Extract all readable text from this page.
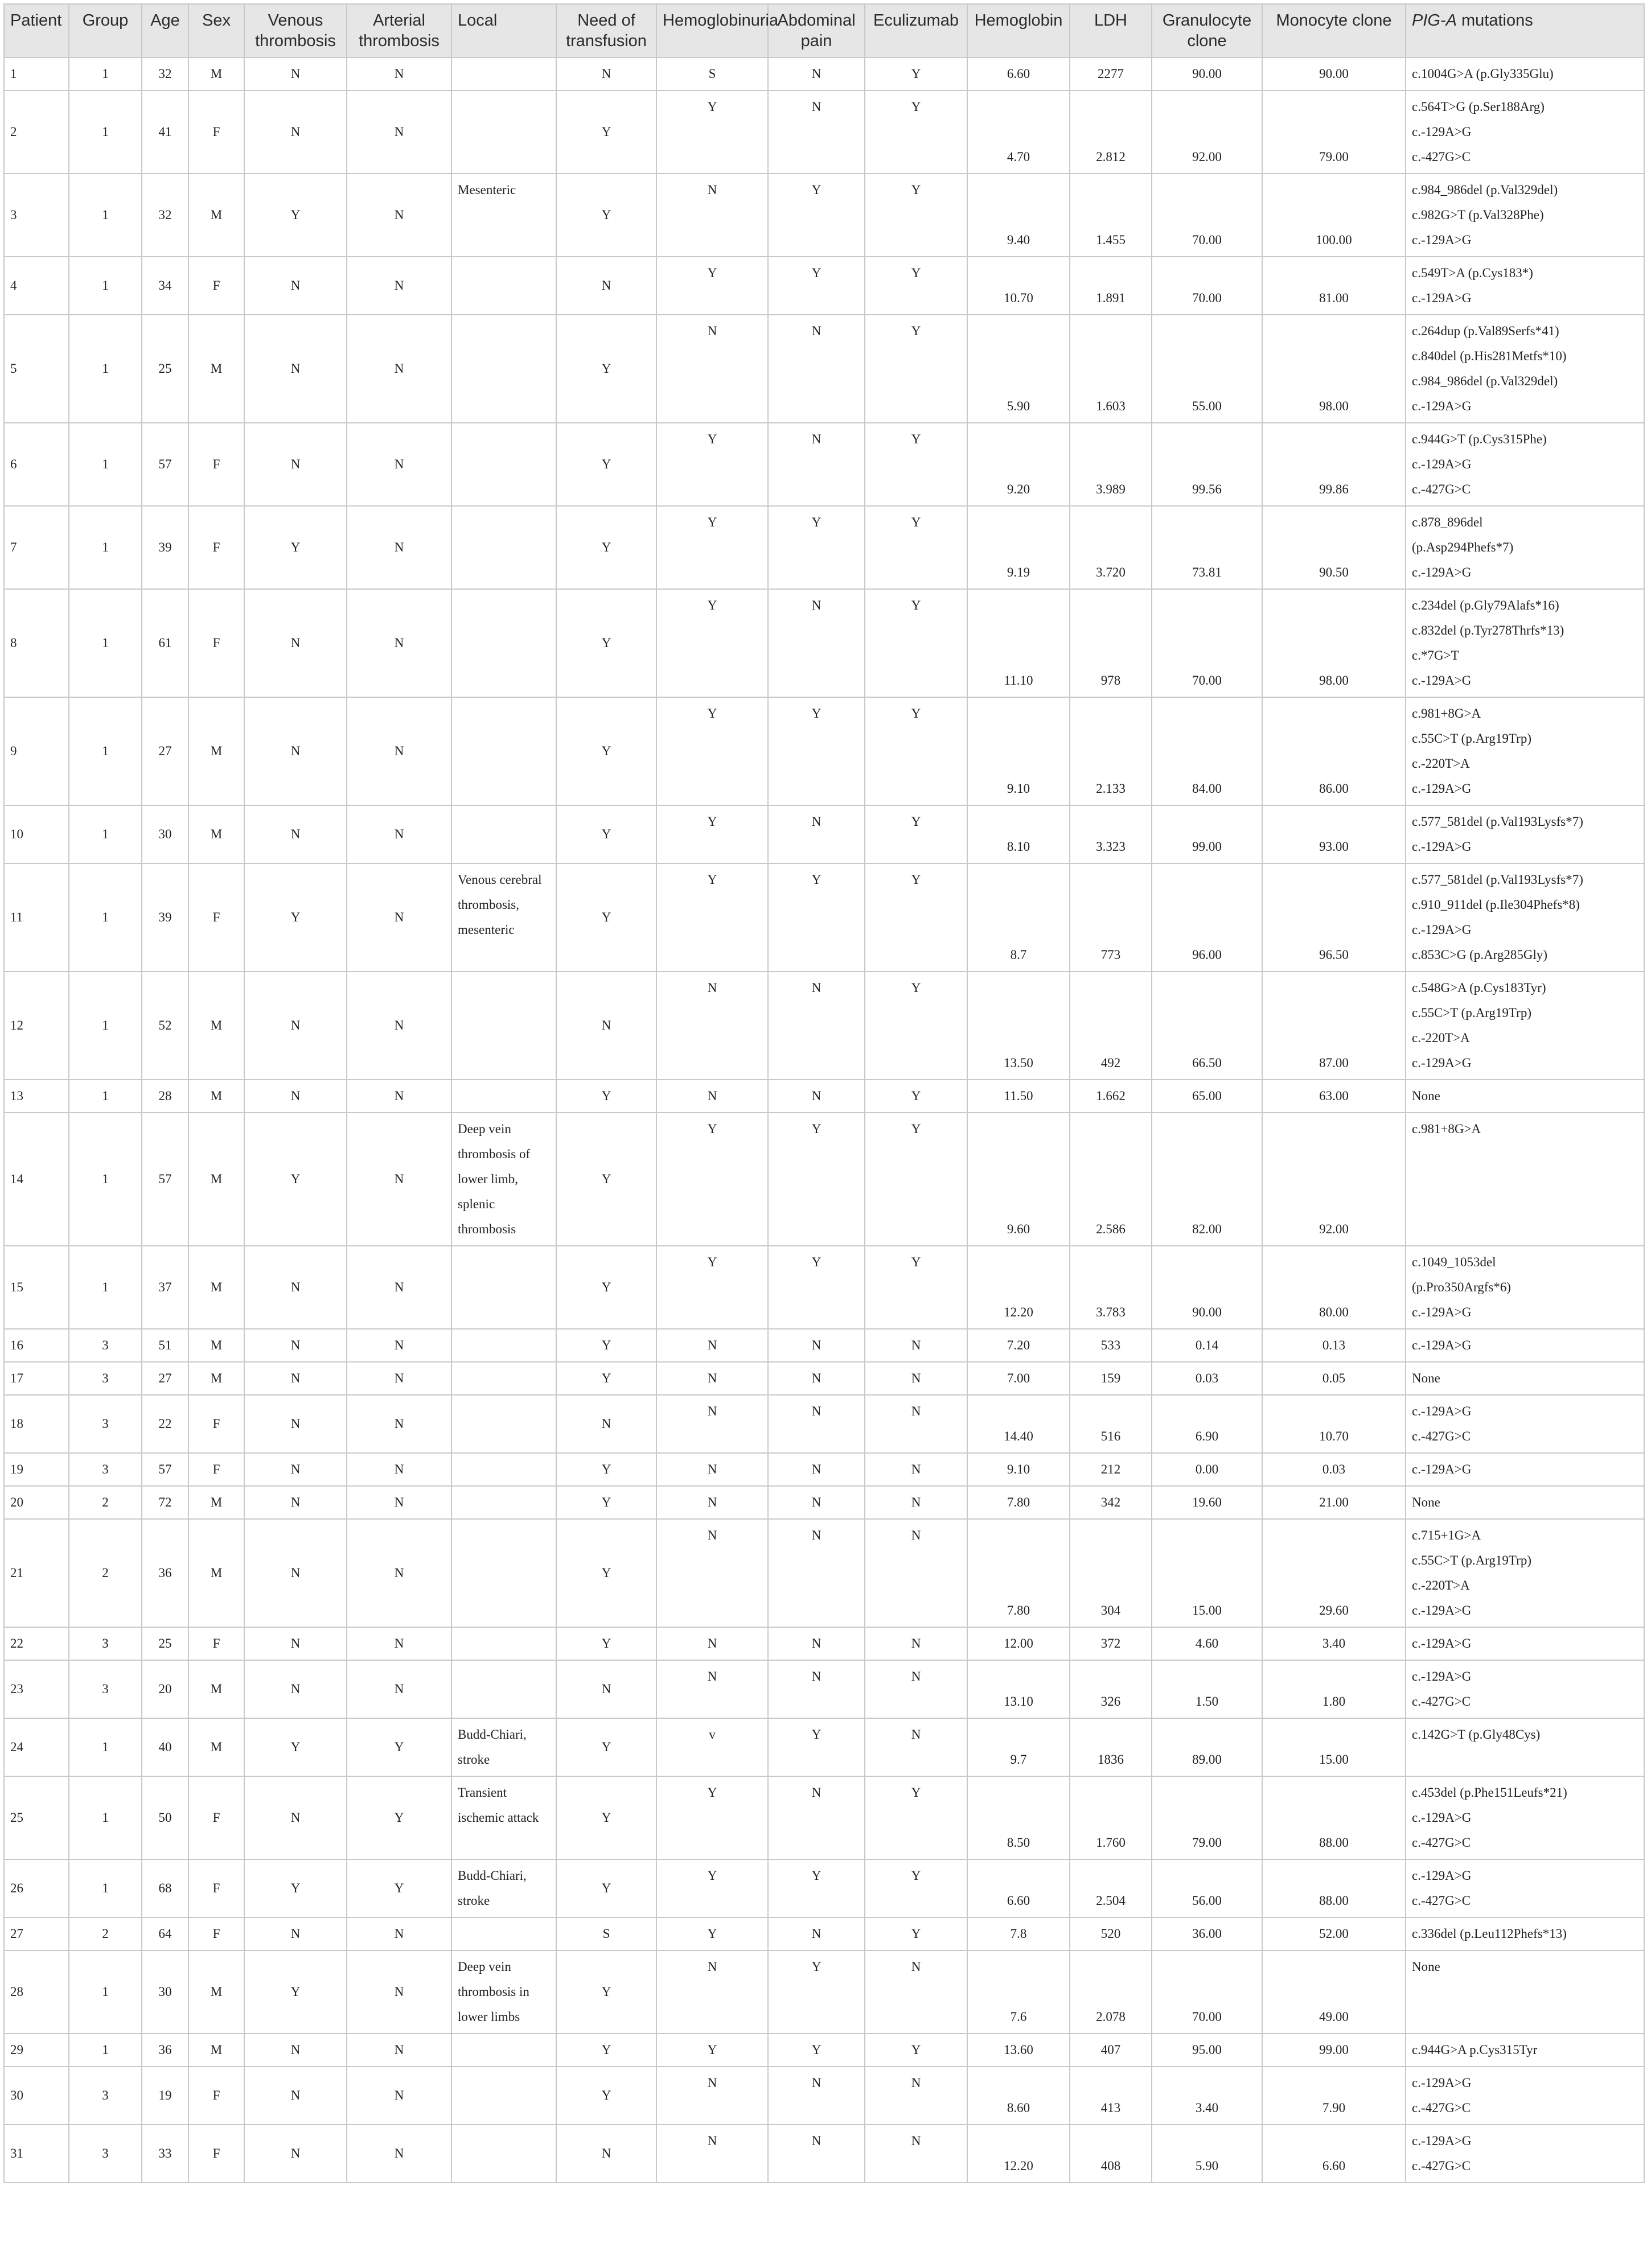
Patient	Group	Age	Sex	Venous
thrombosis	Arterial
thrombosis	Local	Need of
transfusion	Hemoglobinuria	Abdominal
pain	Eculizumab	Hemoglobin	LDH	Granulocyte
clone	Monocyte clone	PIG-A mutations
1	1	32	M	N	N		N	S	N	Y	6.60	2277	90.00	90.00	c.1004G>A (p.Gly335Glu)

2	1	41	F	N	N		Y	Y	N	Y	4.70	2.812	92.00	79.00	c.564T>G (p.Ser188Arg)
c.-129A>G
c.-427G>C

3	1	32	M	Y	N	Mesenteric	Y	N	Y	Y	9.40	1.455	70.00	100.00	c.984_986del (p.Val329del)
c.982G>T (p.Val328Phe)
c.-129A>G

4	1	34	F	N	N		N	Y	Y	Y	10.70	1.891	70.00	81.00	c.549T>A (p.Cys183*)
c.-129A>G

5	1	25	M	N	N		Y	N	N	Y	5.90	1.603	55.00	98.00	c.264dup (p.Val89Serfs*41)
c.840del (p.His281Metfs*10)
c.984_986del (p.Val329del)
c.-129A>G

6	1	57	F	N	N		Y	Y	N	Y	9.20	3.989	99.56	99.86	c.944G>T (p.Cys315Phe)
c.-129A>G
c.-427G>C

7	1	39	F	Y	N		Y	Y	Y	Y	9.19	3.720	73.81	90.50	c.878_896del
(p.Asp294Phefs*7)
c.-129A>G

8	1	61	F	N	N		Y	Y	N	Y	11.10	978	70.00	98.00	c.234del (p.Gly79Alafs*16)
c.832del (p.Tyr278Thrfs*13)
c.*7G>T
c.-129A>G

9	1	27	M	N	N		Y	Y	Y	Y	9.10	2.133	84.00	86.00	c.981+8G>A
c.55C>T (p.Arg19Trp)
c.-220T>A
c.-129A>G

10	1	30	M	N	N		Y	Y	N	Y	8.10	3.323	99.00	93.00	c.577_581del (p.Val193Lysfs*7)
c.-129A>G

11	1	39	F	Y	N	Venous cerebral
thrombosis,
mesenteric	Y	Y	Y	Y	8.7	773	96.00	96.50	c.577_581del (p.Val193Lysfs*7)
c.910_911del (p.Ile304Phefs*8)
c.-129A>G
c.853C>G (p.Arg285Gly)

12	1	52	M	N	N		N	N	N	Y	13.50	492	66.50	87.00	c.548G>A (p.Cys183Tyr)
c.55C>T (p.Arg19Trp)
c.-220T>A
c.-129A>G

13	1	28	M	N	N		Y	N	N	Y	11.50	1.662	65.00	63.00	None

14	1	57	M	Y	N	Deep vein
thrombosis of
lower limb,
splenic
thrombosis	Y	Y	Y	Y	9.60	2.586	82.00	92.00	c.981+8G>A

15	1	37	M	N	N		Y	Y	Y	Y	12.20	3.783	90.00	80.00	c.1049_1053del
(p.Pro350Argfs*6)
c.-129A>G

16	3	51	M	N	N		Y	N	N	N	7.20	533	0.14	0.13	c.-129A>G

17	3	27	M	N	N		Y	N	N	N	7.00	159	0.03	0.05	None

18	3	22	F	N	N		N	N	N	N	14.40	516	6.90	10.70	c.-129A>G
c.-427G>C

19	3	57	F	N	N		Y	N	N	N	9.10	212	0.00	0.03	c.-129A>G

20	2	72	M	N	N		Y	N	N	N	7.80	342	19.60	21.00	None

21	2	36	M	N	N		Y	N	N	N	7.80	304	15.00	29.60	c.715+1G>A
c.55C>T (p.Arg19Trp)
c.-220T>A
c.-129A>G

22	3	25	F	N	N		Y	N	N	N	12.00	372	4.60	3.40	c.-129A>G

23	3	20	M	N	N		N	N	N	N	13.10	326	1.50	1.80	c.-129A>G
c.-427G>C

24	1	40	M	Y	Y	Budd-Chiari,
stroke	Y	v	Y	N	9.7	1836	89.00	15.00	c.142G>T (p.Gly48Cys)

25	1	50	F	N	Y	Transient
ischemic attack	Y	Y	N	Y	8.50	1.760	79.00	88.00	c.453del (p.Phe151Leufs*21)
c.-129A>G
c.-427G>C

26	1	68	F	Y	Y	Budd-Chiari,
stroke	Y	Y	Y	Y	6.60	2.504	56.00	88.00	c.-129A>G
c.-427G>C

27	2	64	F	N	N		S	Y	N	Y	7.8	520	36.00	52.00	c.336del (p.Leu112Phefs*13)

28	1	30	M	Y	N	Deep vein
thrombosis in
lower limbs	Y	N	Y	N	7.6	2.078	70.00	49.00	None

29	1	36	M	N	N		Y	Y	Y	Y	13.60	407	95.00	99.00	c.944G>A p.Cys315Tyr

30	3	19	F	N	N		Y	N	N	N	8.60	413	3.40	7.90	c.-129A>G
c.-427G>C

31	3	33	F	N	N		N	N	N	N	12.20	408	5.90	6.60	c.-129A>G
c.-427G>C
